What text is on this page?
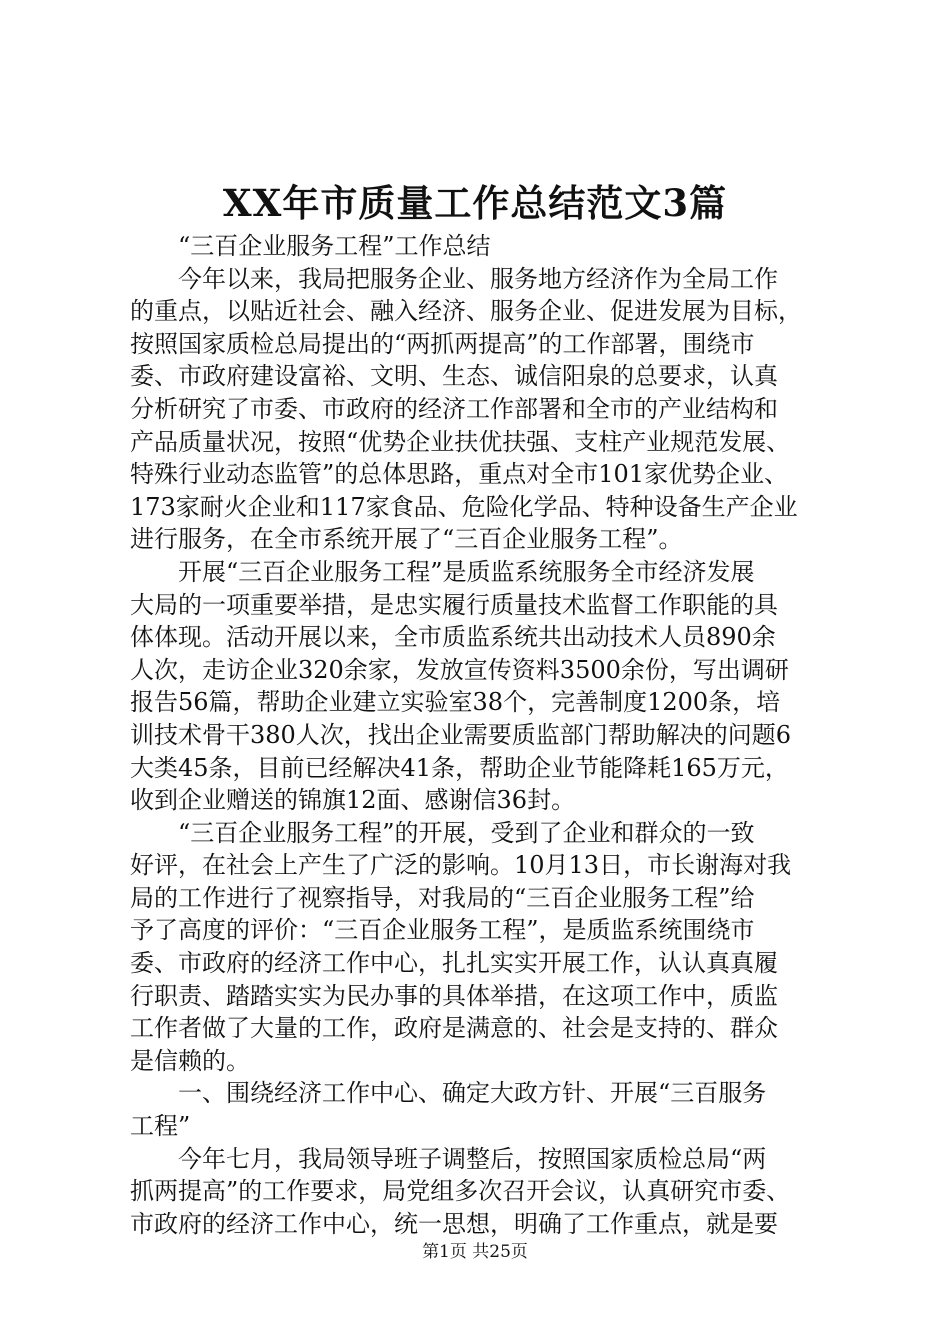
XX年市质量工作总结范文3篇
　　“三百企业服务工程”工作总结
　　今年以来，我局把服务企业、服务地方经济作为全局工作
的重点，以贴近社会、融入经济、服务企业、促进发展为目标，
按照国家质检总局提出的“两抓两提高”的工作部署，围绕市
委、市政府建设富裕、文明、生态、诚信阳泉的总要求，认真
分析研究了市委、市政府的经济工作部署和全市的产业结构和
产品质量状况，按照“优势企业扶优扶强、支柱产业规范发展、
特殊行业动态监管”的总体思路，重点对全市101家优势企业、
173家耐火企业和117家食品、危险化学品、特种设备生产企业
进行服务，在全市系统开展了“三百企业服务工程”。
　　开展“三百企业服务工程”是质监系统服务全市经济发展
大局的一项重要举措，是忠实履行质量技术监督工作职能的具
体体现。活动开展以来，全市质监系统共出动技术人员890余
人次，走访企业320余家，发放宣传资料3500余份，写出调研
报告56篇，帮助企业建立实验室38个，完善制度1200条，培
训技术骨干380人次，找出企业需要质监部门帮助解决的问题6
大类45条，目前已经解决41条，帮助企业节能降耗165万元，
收到企业赠送的锦旗12面、感谢信36封。
　　“三百企业服务工程”的开展，受到了企业和群众的一致
好评，在社会上产生了广泛的影响。10月13日，市长谢海对我
局的工作进行了视察指导，对我局的“三百企业服务工程”给
予了高度的评价：“三百企业服务工程”，是质监系统围绕市
委、市政府的经济工作中心，扎扎实实开展工作，认认真真履
行职责、踏踏实实为民办事的具体举措，在这项工作中，质监
工作者做了大量的工作，政府是满意的、社会是支持的、群众
是信赖的。
　　一、围绕经济工作中心、确定大政方针、开展“三百服务
工程”
　　今年七月，我局领导班子调整后，按照国家质检总局“两
抓两提高”的工作要求，局党组多次召开会议，认真研究市委、
市政府的经济工作中心，统一思想，明确了工作重点，就是要
第1页 共25页
